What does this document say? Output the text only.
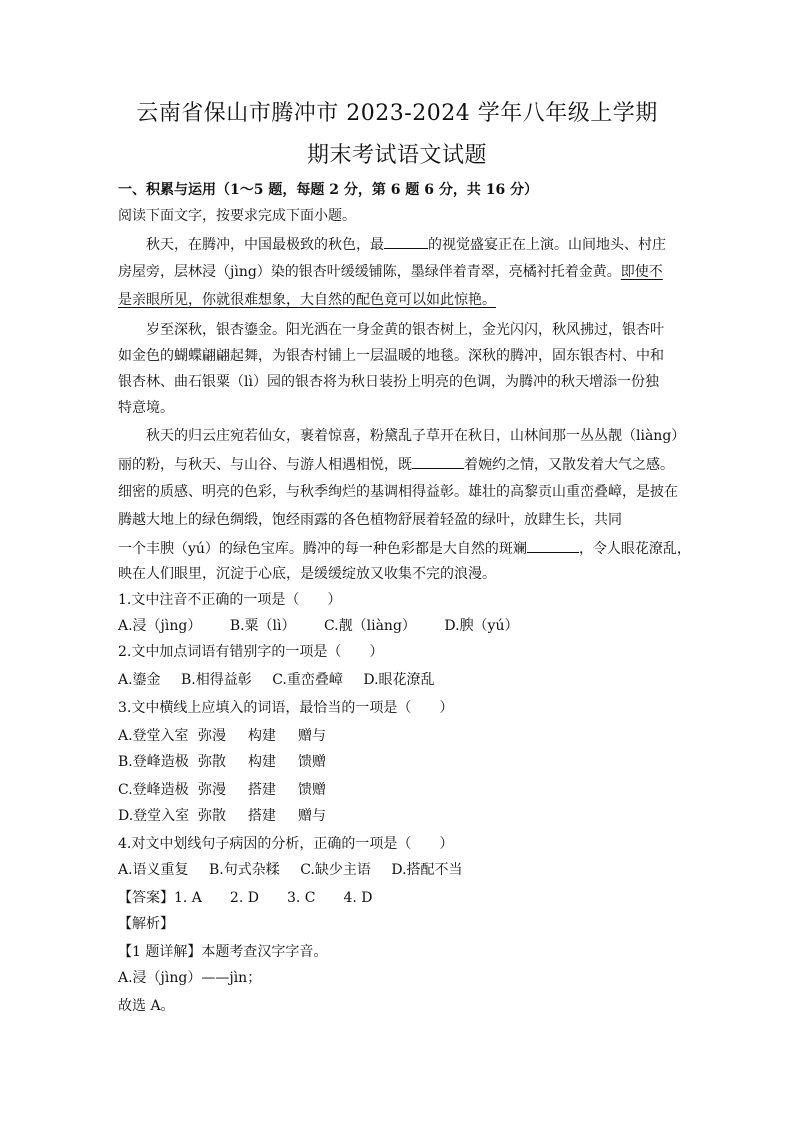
云南省保山市腾冲市 2023-2024 学年八年级上学期
期末考试语文试题
一、积累与运用（1～5 题，每题 2 分，第 6 题 6 分，共 16 分）
阅读下面文字，按要求完成下面小题。
秋天，在腾冲，中国最极致的秋色，最	的视觉盛宴正在上演。山间地头、村庄
房屋旁，层林浸（jìng）染的银杏叶缓缓铺陈，墨绿伴着青翠，亮橘衬托着金黄。即使不
是亲眼所见，你就很难想象，大自然的配色竟可以如此惊艳。
岁至深秋，银杏鎏金。阳光洒在一身金黄的银杏树上，金光闪闪，秋风拂过，银杏叶
如金色的蝴蝶翩翩起舞，为银杏村铺上一层温暖的地毯。深秋的腾冲，固东银杏村、中和
银杏林、曲石银粟（lì）园的银杏将为秋日装扮上明亮的色调，为腾冲的秋天增添一份独
特意境。
秋天的归云庄宛若仙女，裹着惊喜，粉黛乱子草开在秋日，山林间那一丛丛靓（liàng）
丽的粉，与秋天、与山谷、与游人相遇相悦，既	着婉约之情，又散发着大气之感。
细密的质感、明亮的色彩，与秋季绚烂的基调相得益彰。雄壮的高黎贡山重峦叠嶂，是披在
腾越大地上的绿色绸缎，饱经雨露的各色植物舒展着轻盈的绿叶，放肆生长，共同
一个丰腴（yú）的绿色宝库。腾冲的每一种色彩都是大自然的斑斓	，令人眼花潦乱，
映在人们眼里，沉淀于心底，是缓缓绽放又收集不完的浪漫。
1.文中注音不正确的一项是（　　）
A.浸（jìng） B.粟（lì） C.靓（liàng） D.腴（yú）
2.文中加点词语有错别字的一项是（　　）
A.鎏金 B.相得益彰 C.重峦叠嶂 D.眼花潦乱
3.文中横线上应填入的词语，最恰当的一项是（　　）
A.登堂入室 弥漫 构建 赠与
B.登峰造极 弥散 构建 馈赠
C.登峰造极 弥漫 搭建 馈赠
D.登堂入室 弥散 搭建 赠与
4.对文中划线句子病因的分析，正确的一项是（　　）
A.语义重复 B.句式杂糅 C.缺少主语 D.搭配不当
【答案】1. A　　2. D　　3. C　　4. D
【解析】
【1 题详解】本题考查汉字字音。
A.浸（jìng）——jìn；
故选 A。
